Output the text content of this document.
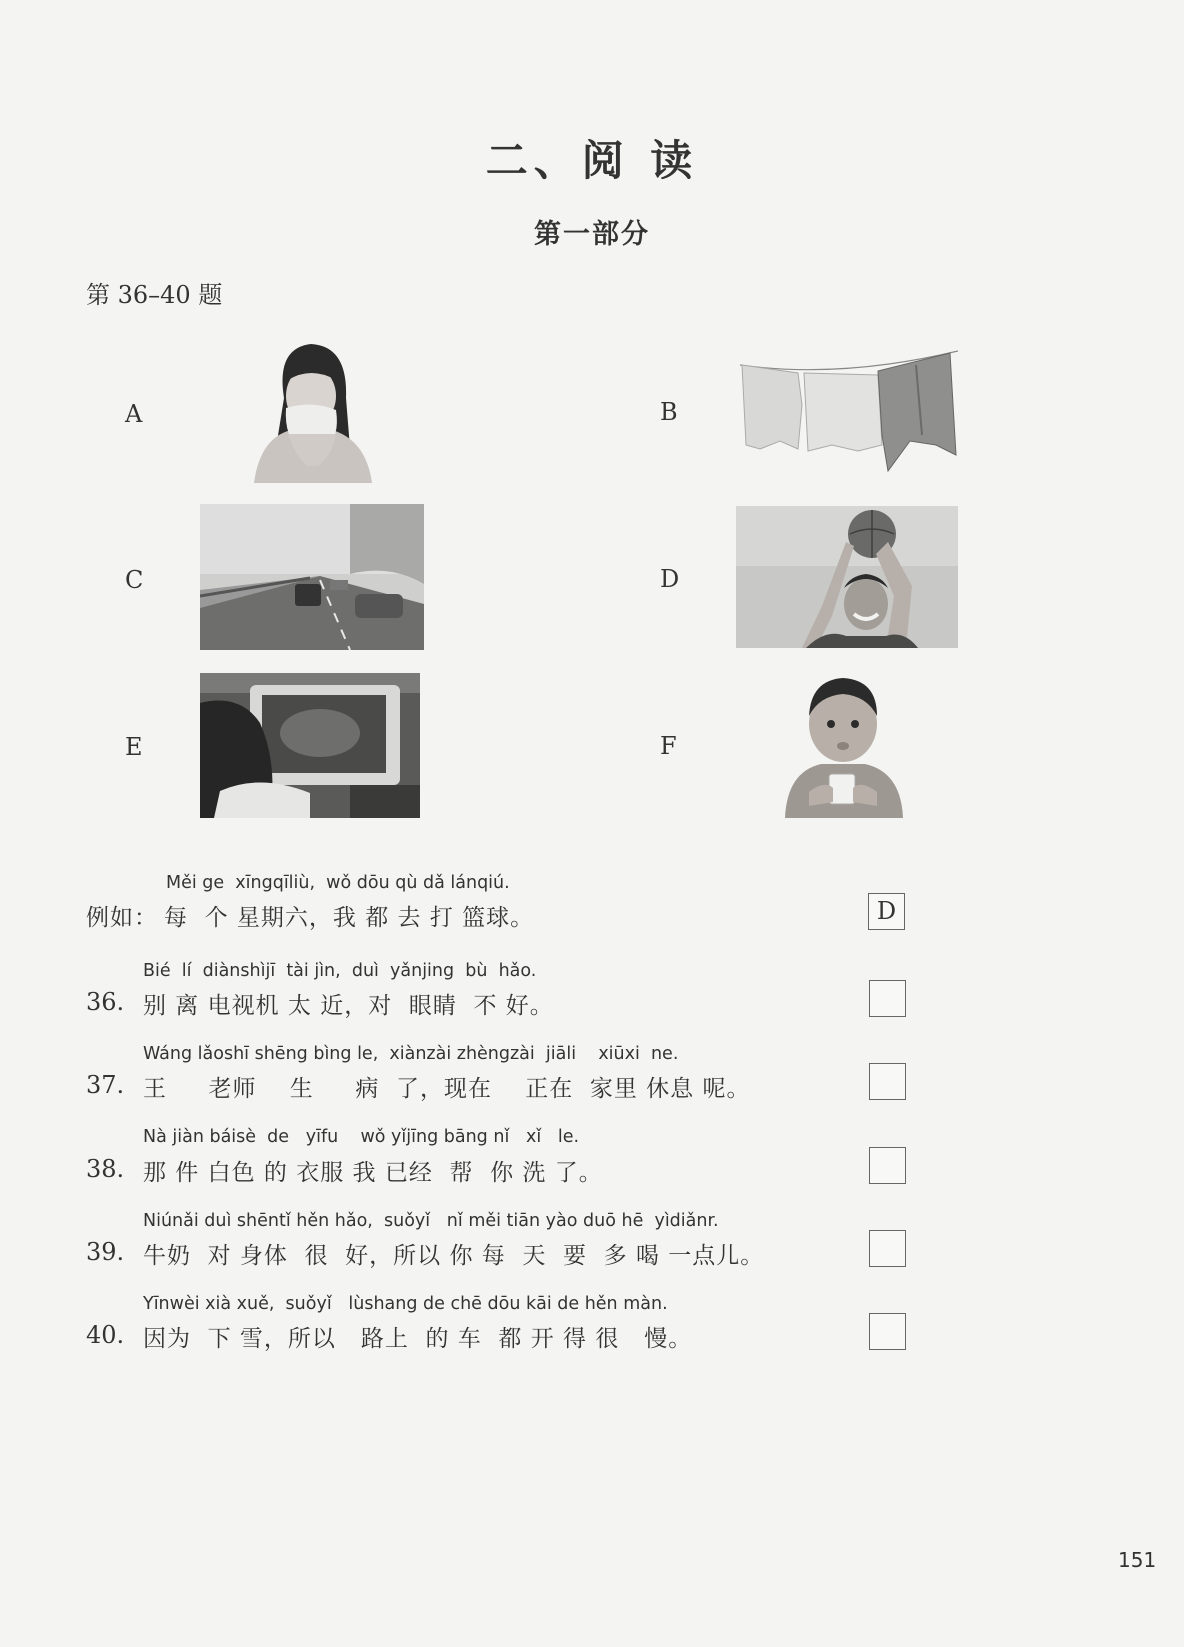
二、阅 读
第一部分
第 36–40 题
A	B
C	D
E	F
Měi ge  xīngqīliù,  wǒ dōu qù dǎ lánqiú.
例如： 每  个 星期六，我 都 去 打 篮球。	D
Bié  lí  diànshìjī  tài jìn,  duì  yǎnjing  bù  hǎo.
36. 别 离 电视机 太 近，对  眼睛  不 好。
Wáng lǎoshī shēng bìng le,  xiànzài zhèngzài  jiāli    xiūxi  ne.
37. 王     老师    生     病  了，现在    正在  家里 休息 呢。
Nà jiàn báisè  de   yīfu    wǒ yǐjīng bāng nǐ   xǐ   le.
38. 那 件 白色 的 衣服 我 已经  帮  你 洗 了。
Niúnǎi duì shēntǐ hěn hǎo,  suǒyǐ   nǐ měi tiān yào duō hē  yìdiǎnr.
39. 牛奶  对 身体  很  好，所以 你 每  天  要  多 喝 一点儿。
Yīnwèi xià xuě,  suǒyǐ   lùshang de chē dōu kāi de hěn màn.
40. 因为  下 雪，所以   路上  的 车  都 开 得 很   慢。
151
